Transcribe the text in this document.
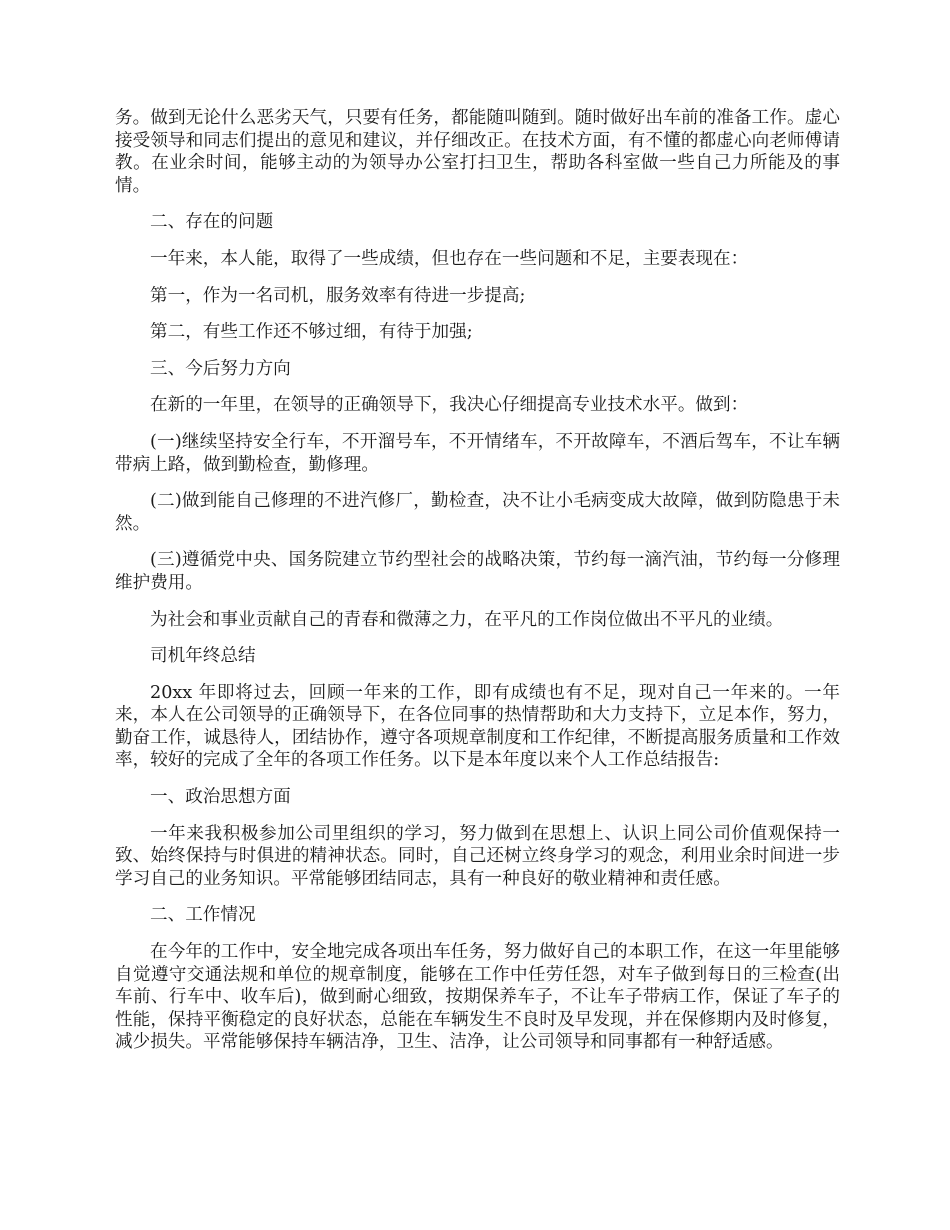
务。做到无论什么恶劣天气，只要有任务，都能随叫随到。随时做好出车前的准备工作。虚心接受领导和同志们提出的意见和建议，并仔细改正。在技术方面，有不懂的都虚心向老师傅请教。在业余时间，能够主动的为领导办公室打扫卫生，帮助各科室做一些自己力所能及的事情。

二、存在的问题

一年来，本人能，取得了一些成绩，但也存在一些问题和不足，主要表现在：

第一，作为一名司机，服务效率有待进一步提高;

第二，有些工作还不够过细，有待于加强;

三、今后努力方向

在新的一年里，在领导的正确领导下，我决心仔细提高专业技术水平。做到：

(一)继续坚持安全行车，不开溜号车，不开情绪车，不开故障车，不酒后驾车，不让车辆带病上路，做到勤检查，勤修理。

(二)做到能自己修理的不进汽修厂，勤检查，决不让小毛病变成大故障，做到防隐患于未然。

(三)遵循党中央、国务院建立节约型社会的战略决策，节约每一滴汽油，节约每一分修理维护费用。

为社会和事业贡献自己的青春和微薄之力，在平凡的工作岗位做出不平凡的业绩。

司机年终总结

20xx 年即将过去，回顾一年来的工作，即有成绩也有不足，现对自己一年来的。一年来，本人在公司领导的正确领导下，在各位同事的热情帮助和大力支持下，立足本作，努力，勤奋工作，诚恳待人，团结协作，遵守各项规章制度和工作纪律，不断提高服务质量和工作效率，较好的完成了全年的各项工作任务。以下是本年度以来个人工作总结报告:

一、政治思想方面

一年来我积极参加公司里组织的学习，努力做到在思想上、认识上同公司价值观保持一致、始终保持与时俱进的精神状态。同时，自己还树立终身学习的观念，利用业余时间进一步学习自己的业务知识。平常能够团结同志，具有一种良好的敬业精神和责任感。

二、工作情况

在今年的工作中，安全地完成各项出车任务，努力做好自己的本职工作，在这一年里能够自觉遵守交通法规和单位的规章制度，能够在工作中任劳任怨，对车子做到每日的三检查(出车前、行车中、收车后)，做到耐心细致，按期保养车子，不让车子带病工作，保证了车子的性能，保持平衡稳定的良好状态，总能在车辆发生不良时及早发现，并在保修期内及时修复，减少损失。平常能够保持车辆洁净，卫生、洁净，让公司领导和同事都有一种舒适感。
